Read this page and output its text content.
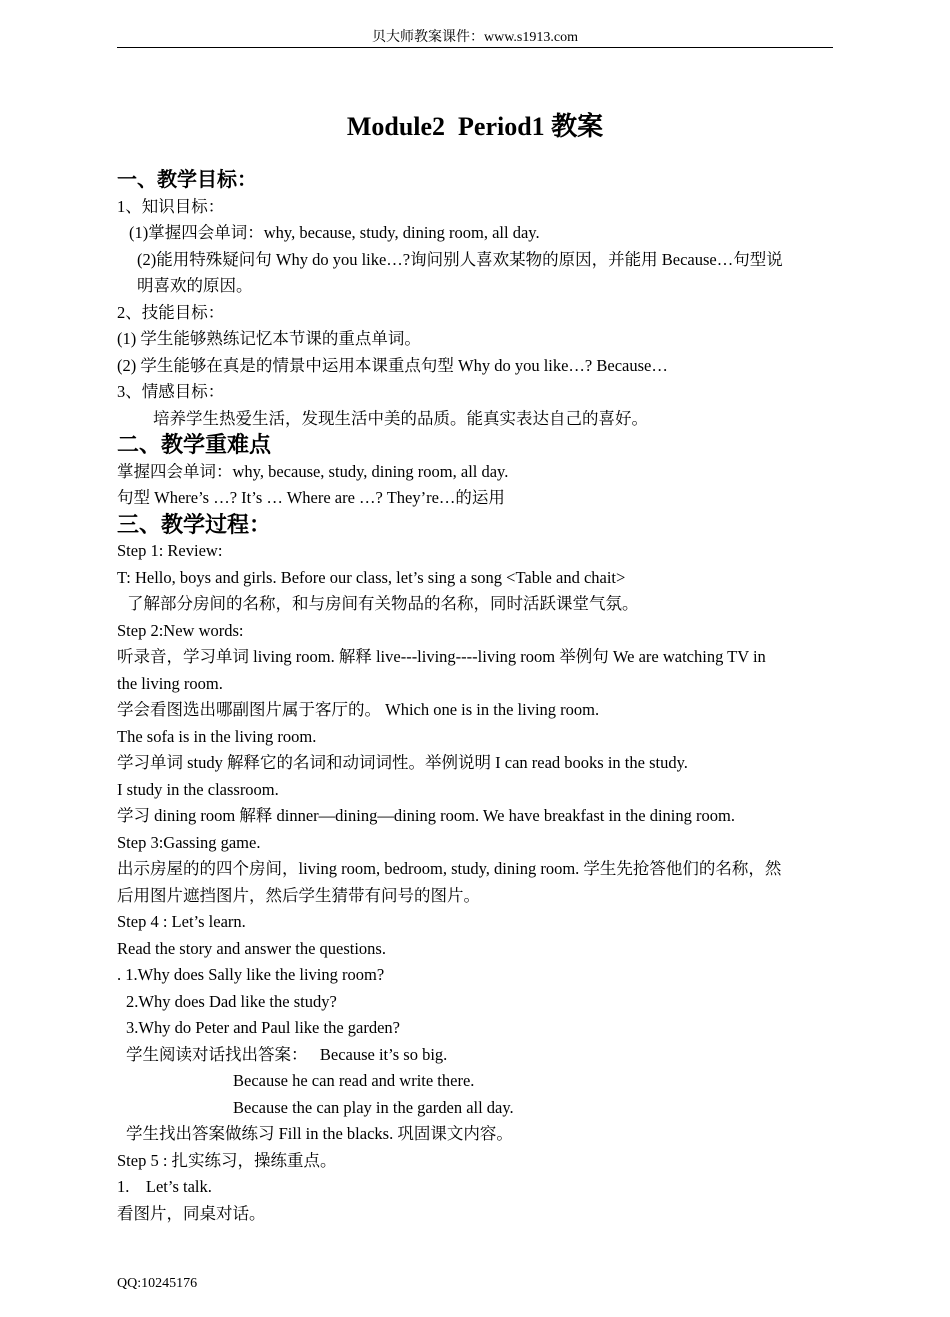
贝大师教案课件：www.s1913.com
Module2  Period1 教案

一、教学目标：

1、知识目标：

(1)掌握四会单词：why, because, study, dining room, all day.

(2)能用特殊疑问句 Why do you like…?询问别人喜欢某物的原因，并能用 Because…句型说

明喜欢的原因。

2、技能目标：

(1) 学生能够熟练记忆本节课的重点单词。

(2) 学生能够在真是的情景中运用本课重点句型 Why do you like…? Because…

3、情感目标：

培养学生热爱生活，发现生活中美的品质。能真实表达自己的喜好。

二、教学重难点

掌握四会单词：why, because, study, dining room, all day.

句型 Where’s …? It’s … Where are …? They’re…的运用

三、教学过程：

Step 1: Review:

T: Hello, boys and girls. Before our class, let’s sing a song <Table and chait>

了解部分房间的名称，和与房间有关物品的名称，同时活跃课堂气氛。

Step 2:New words:

听录音，学习单词 living room. 解释 live---living----living room 举例句 We are watching TV in

the living room.

学会看图选出哪副图片属于客厅的。 Which one is in the living room.

The sofa is in the living room.

学习单词 study 解释它的名词和动词词性。举例说明 I can read books in the study.

I study in the classroom.

学习 dining room 解释 dinner—dining—dining room. We have breakfast in the dining room.

Step 3:Gassing game.

出示房屋的的四个房间，living room, bedroom, study, dining room. 学生先抢答他们的名称，然

后用图片遮挡图片，然后学生猜带有问号的图片。

Step 4 : Let’s learn.

Read the story and answer the questions.

. 1.Why does Sally like the living room?

2.Why does Dad like the study?

3.Why do Peter and Paul like the garden?

学生阅读对话找出答案：   Because it’s so big.

Because he can read and write there.

Because the can play in the garden all day.

学生找出答案做练习 Fill in the blacks. 巩固课文内容。

Step 5 : 扎实练习，操练重点。

1.    Let’s talk.

看图片，同桌对话。

QQ:10245176
